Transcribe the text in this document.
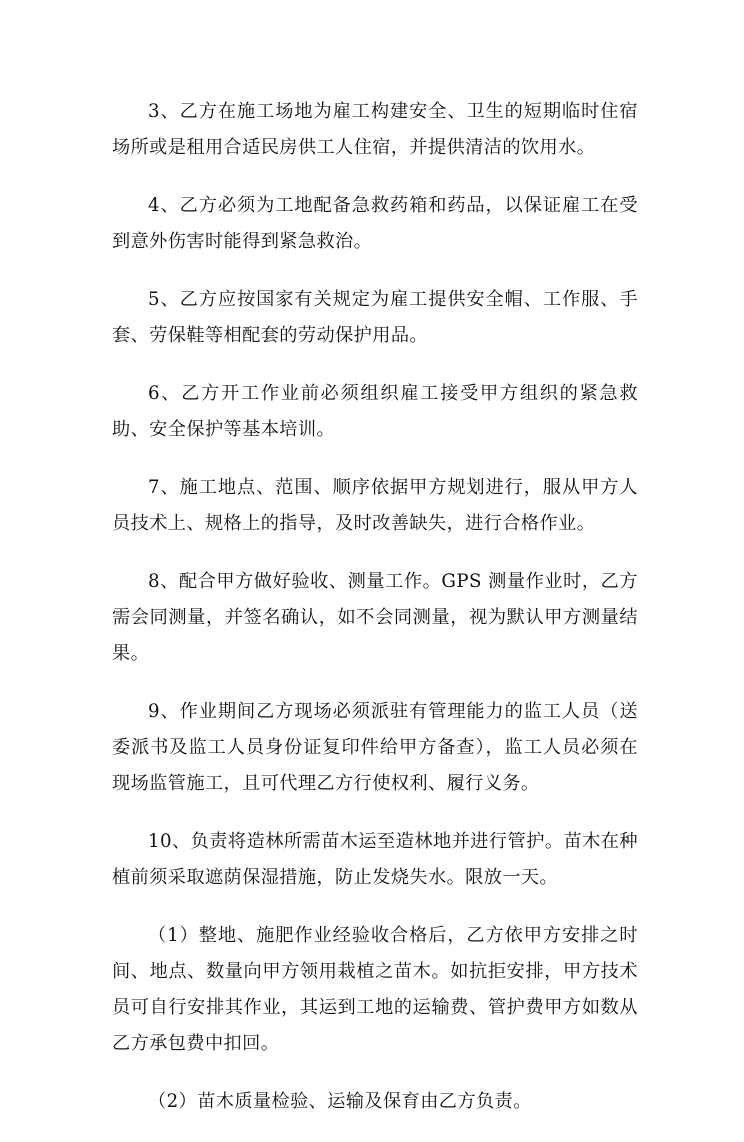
3、乙方在施工场地为雇工构建安全、卫生的短期临时住宿场所或是租用合适民房供工人住宿，并提供清洁的饮用水。

4、乙方必须为工地配备急救药箱和药品，以保证雇工在受到意外伤害时能得到紧急救治。

5、乙方应按国家有关规定为雇工提供安全帽、工作服、手套、劳保鞋等相配套的劳动保护用品。

6、乙方开工作业前必须组织雇工接受甲方组织的紧急救助、安全保护等基本培训。

7、施工地点、范围、顺序依据甲方规划进行，服从甲方人员技术上、规格上的指导，及时改善缺失，进行合格作业。

8、配合甲方做好验收、测量工作。GPS 测量作业时，乙方需会同测量，并签名确认，如不会同测量，视为默认甲方测量结果。

9、作业期间乙方现场必须派驻有管理能力的监工人员（送委派书及监工人员身份证复印件给甲方备查），监工人员必须在现场监管施工，且可代理乙方行使权利、履行义务。

10、负责将造林所需苗木运至造林地并进行管护。苗木在种植前须采取遮荫保湿措施，防止发烧失水。限放一天。

（1）整地、施肥作业经验收合格后，乙方依甲方安排之时间、地点、数量向甲方领用栽植之苗木。如抗拒安排，甲方技术员可自行安排其作业，其运到工地的运输费、管护费甲方如数从乙方承包费中扣回。

（2）苗木质量检验、运输及保育由乙方负责。
